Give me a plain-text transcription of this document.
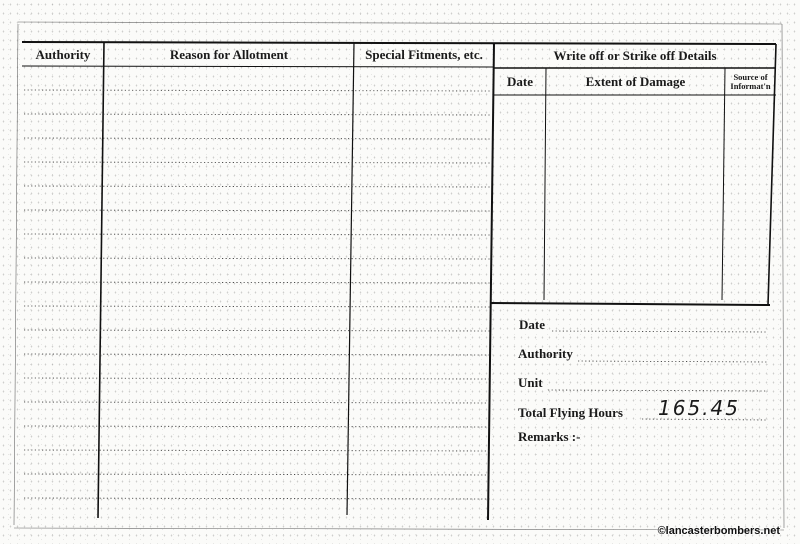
Authority	Reason for Allotment	Special Fitments, etc.	Write off or Strike off Details
Date	Extent of Damage	Source of
Informat'n
Date
Authority
Unit
Total Flying Hours 165.45
Remarks :-
©lancasterbombers.net
